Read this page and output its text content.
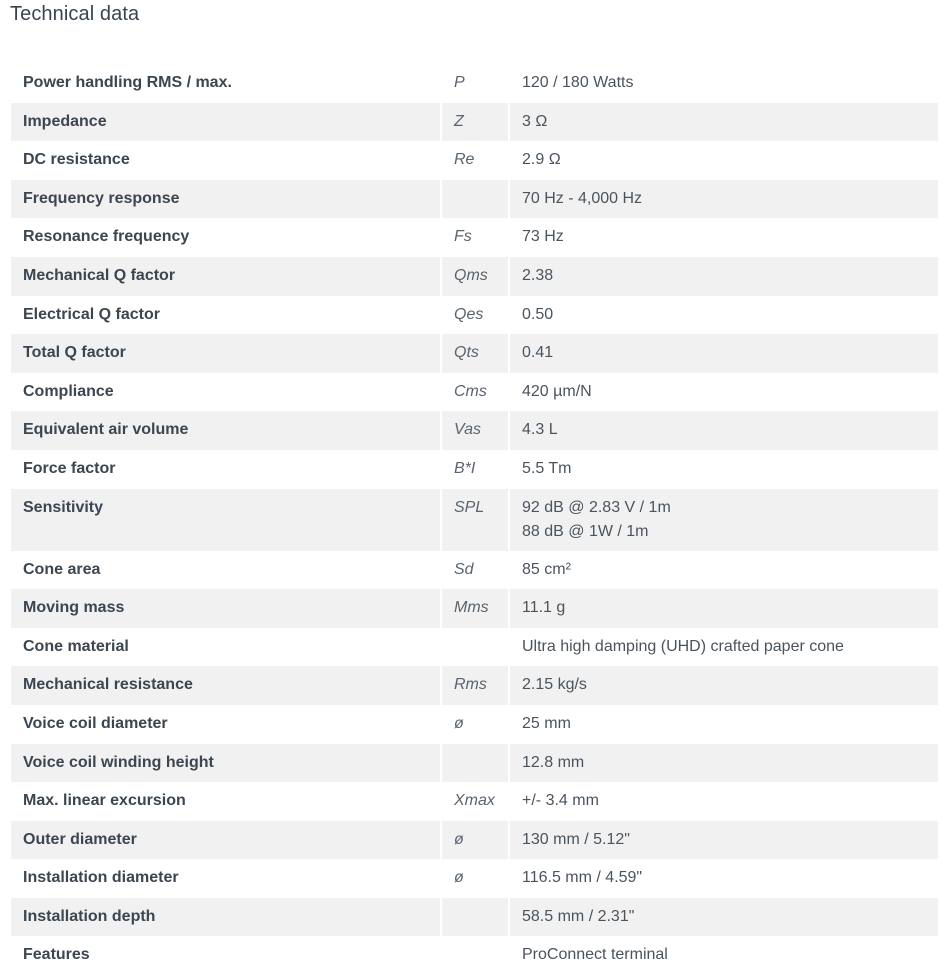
Technical data
Power handling RMS / max.	P	120 / 180 Watts
Impedance	Z	3 Ω
DC resistance	Re	2.9 Ω
Frequency response		70 Hz - 4,000 Hz
Resonance frequency	Fs	73 Hz
Mechanical Q factor	Qms	2.38
Electrical Q factor	Qes	0.50
Total Q factor	Qts	0.41
Compliance	Cms	420 µm/N
Equivalent air volume	Vas	4.3 L
Force factor	B*I	5.5 Tm
Sensitivity	SPL	92 dB @ 2.83 V / 1m
88 dB @ 1W / 1m

Cone area	Sd	85 cm²
Moving mass	Mms	11.1 g
Cone material		Ultra high damping (UHD) crafted paper cone
Mechanical resistance	Rms	2.15 kg/s
Voice coil diameter	ø	25 mm
Voice coil winding height		12.8 mm
Max. linear excursion	Xmax	+/- 3.4 mm
Outer diameter	ø	130 mm / 5.12"
Installation diameter	ø	116.5 mm / 4.59"
Installation depth		58.5 mm / 2.31"
Features		ProConnect terminal
